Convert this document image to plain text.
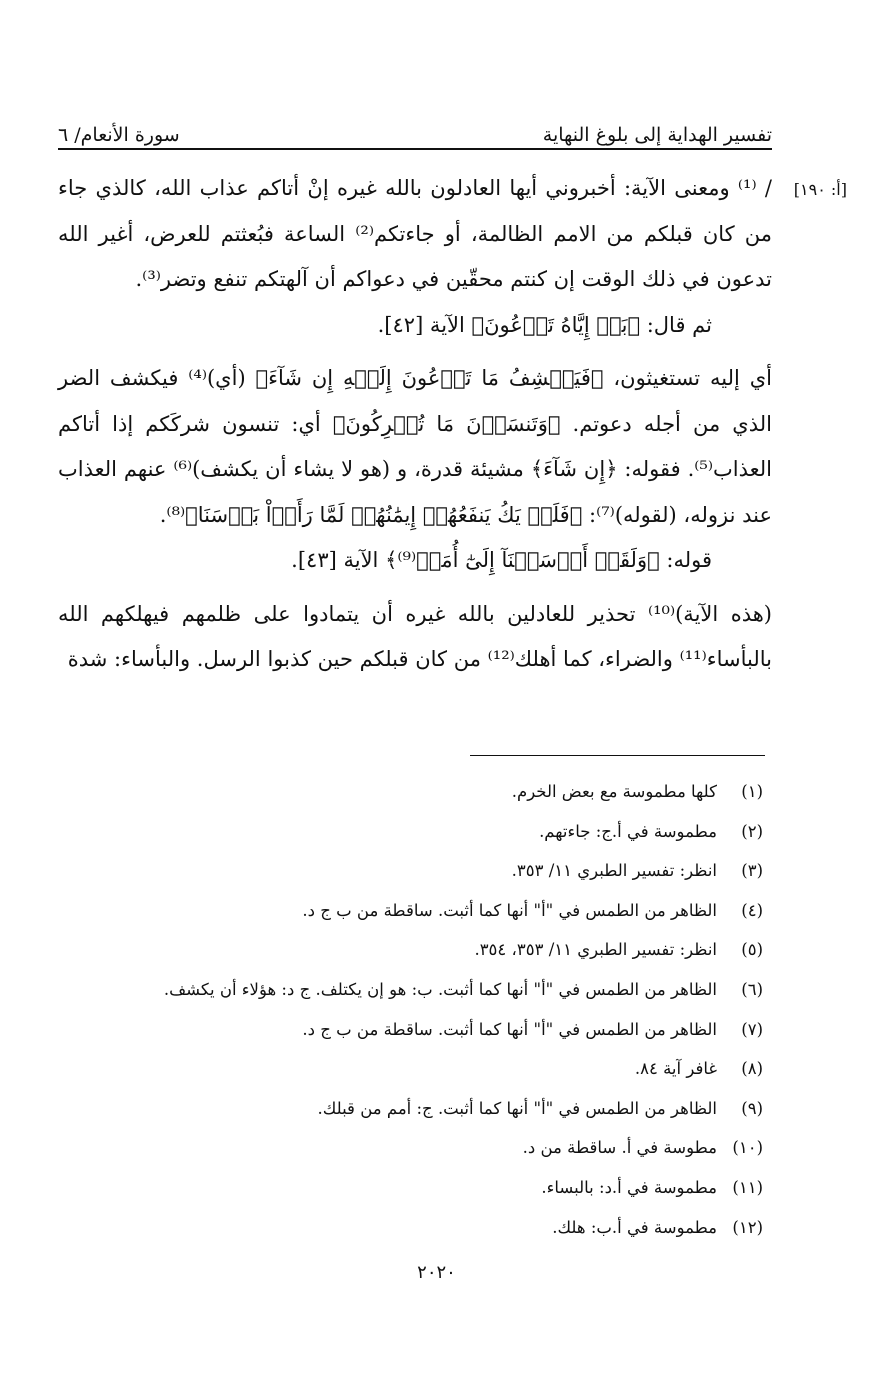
تفسير الهداية إلى بلوغ النهاية
سورة الأنعام/ ٦
[أ: ١٩٠]

/ ⁽¹⁾ ومعنى الآية: أخبروني أيها العادلون بالله غيره إنْ أتاكم عذاب الله، كالذي جاء من كان قبلكم من الامم الظالمة، أو جاءتكم⁽²⁾ الساعة فبُعثتم للعرض، أغير الله تدعون في ذلك الوقت إن كنتم محقّين في دعواكم أن آلهتكم تنفع وتضر⁽³⁾.

ثم قال: ﴿بَلۡ إِيَّاهُ تَدۡعُونَ﴾ الآية [٤٢].

أي إليه تستغيثون، ﴿فَيَكۡشِفُ مَا تَدۡعُونَ إِلَيۡهِ إِن شَآءَ﴾ (أي)⁽⁴⁾ فيكشف الضر الذي من أجله دعوتم. ﴿وَتَنسَوۡنَ مَا تُشۡرِكُونَ﴾ أي: تنسون شركَكم إذا أتاكم العذاب⁽⁵⁾. فقوله: ﴿إِن شَآءَ﴾ مشيئة قدرة، و (هو لا يشاء أن يكشف)⁽⁶⁾ عنهم العذاب عند نزوله، (لقوله)⁽⁷⁾: ﴿فَلَمۡ يَكُ يَنفَعُهُمۡ إِيمَٰنُهُمۡ لَمَّا رَأَوۡاْ بَأۡسَنَا﴾⁽⁸⁾.

قوله: ﴿وَلَقَدۡ أَرۡسَلۡنَآ إِلَىٰٓ أُمَمٖ⁽⁹⁾﴾ الآية [٤٣].

(هذه الآية)⁽¹⁰⁾ تحذير للعادلين بالله غيره أن يتمادوا على ظلمهم فيهلكهم الله بالبأساء⁽¹¹⁾ والضراء، كما أهلك⁽¹²⁾ من كان قبلكم حين كذبوا الرسل. والبأساء: شدة

(١)
كلها مطموسة مع بعض الخرم.
(٢)
مطموسة في أ.ج: جاءتهم.
(٣)
انظر: تفسير الطبري ١١/ ٣٥٣.
(٤)
الظاهر من الطمس في "أ" أنها كما أثبت. ساقطة من ب ج د.
(٥)
انظر: تفسير الطبري ١١/ ٣٥٣، ٣٥٤.
(٦)
الظاهر من الطمس في "أ" أنها كما أثبت. ب: هو إن يكتلف. ج د: هؤلاء أن يكشف.
(٧)
الظاهر من الطمس في "أ" أنها كما أثبت. ساقطة من ب ج د.
(٨)
غافر آية ٨٤.
(٩)
الظاهر من الطمس في "أ" أنها كما أثبت. ج: أمم من قبلك.
(١٠)
مطوسة في أ. ساقطة من د.
(١١)
مطموسة في أ.د: بالبساء.
(١٢)
مطموسة في أ.ب: هلك.
٢٠٢٠
